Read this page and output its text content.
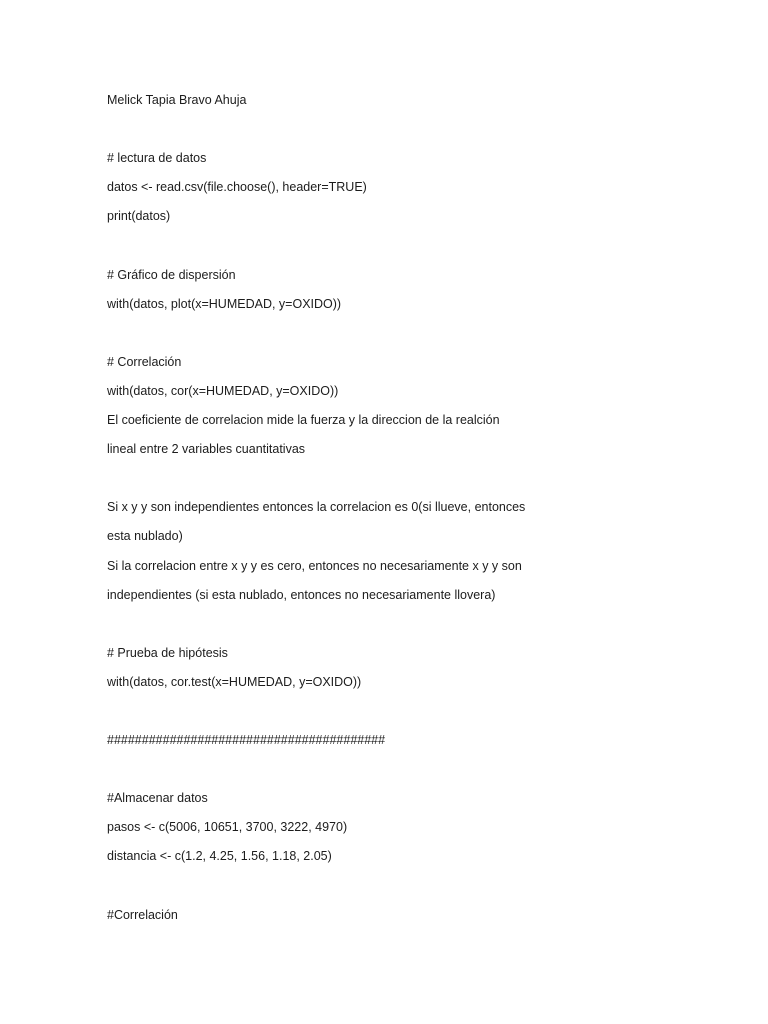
Melick Tapia Bravo Ahuja
# lectura de datos
datos <- read.csv(file.choose(), header=TRUE)
print(datos)
# Gráfico de dispersión
with(datos, plot(x=HUMEDAD, y=OXIDO))
# Correlación
with(datos, cor(x=HUMEDAD, y=OXIDO))
El coeficiente de correlacion mide la fuerza y la direccion de la realción
lineal entre 2 variables cuantitativas
Si x y y son independientes entonces la correlacion es 0(si llueve, entonces
esta nublado)
Si la correlacion entre x y y es cero, entonces no necesariamente x y y son
independientes (si esta nublado, entonces no necesariamente llovera)
# Prueba de hipótesis
with(datos, cor.test(x=HUMEDAD, y=OXIDO))
########################################
#Almacenar datos
pasos <- c(5006, 10651, 3700, 3222, 4970)
distancia <- c(1.2, 4.25, 1.56, 1.18, 2.05)
#Correlación
